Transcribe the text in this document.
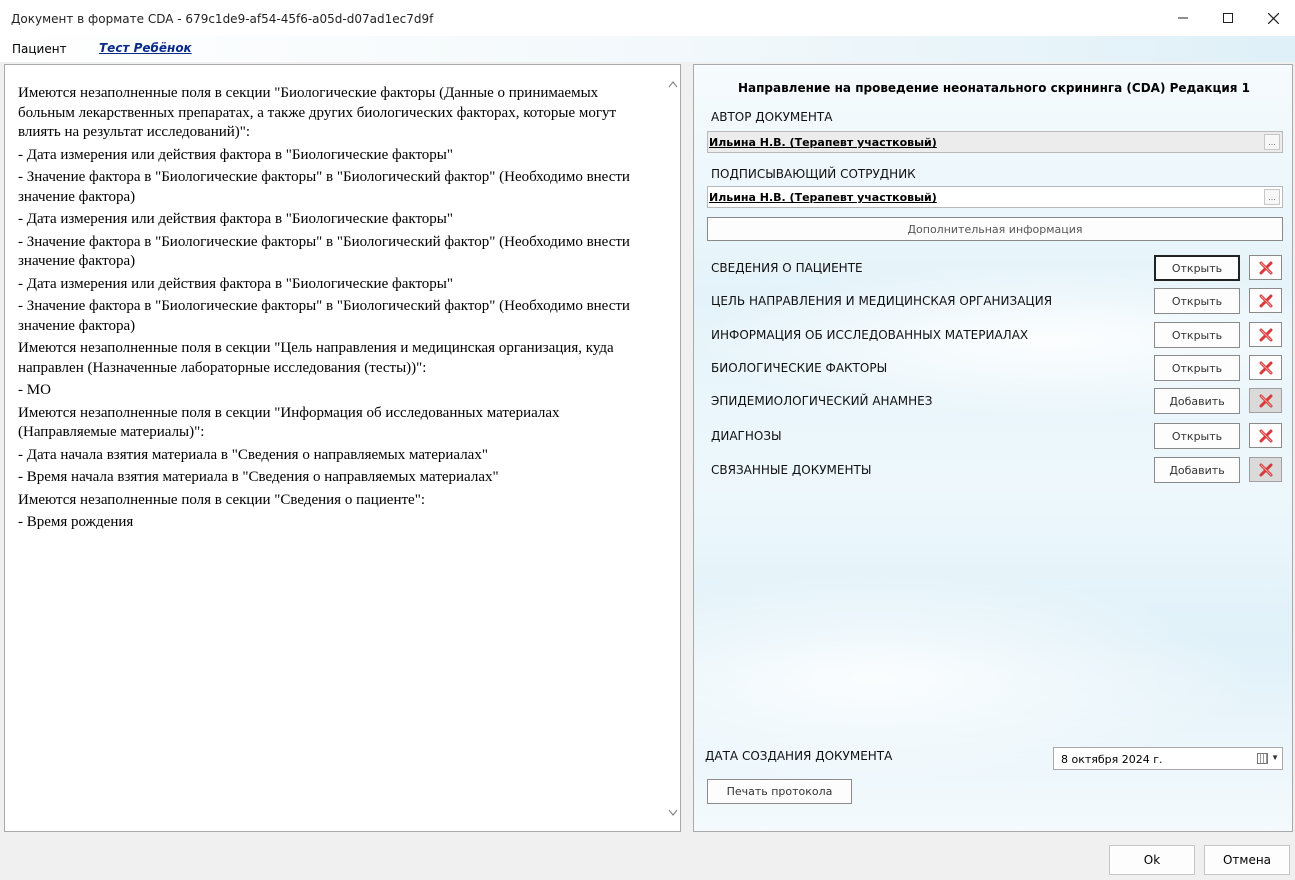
Документ в формате CDA - 679c1de9-af54-45f6-a05d-d07ad1ec7d9f
Пациент	Тест Ребёнок

Имеются незаполненные поля в секции "Биологические факторы (Данные о принимаемых больным лекарственных препаратах, а также других биологических факторах, которые могут влиять на результат исследований)":

- Дата измерения или действия фактора в "Биологические факторы"

- Значение фактора в "Биологические факторы" в "Биологический фактор" (Необходимо внести значение фактора)

- Дата измерения или действия фактора в "Биологические факторы"

- Значение фактора в "Биологические факторы" в "Биологический фактор" (Необходимо внести значение фактора)

- Дата измерения или действия фактора в "Биологические факторы"

- Значение фактора в "Биологические факторы" в "Биологический фактор" (Необходимо внести значение фактора)

Имеются незаполненные поля в секции "Цель направления и медицинская организация, куда направлен (Назначенные лабораторные исследования (тесты))":

- МО

Имеются незаполненные поля в секции "Информация об исследованных материалах (Направляемые материалы)":

- Дата начала взятия материала в "Сведения о направляемых материалах"

- Время начала взятия материала в "Сведения о направляемых материалах"

Имеются незаполненные поля в секции "Сведения о пациенте":

- Время рождения

Направление на проведение неонатального скрининга (CDA) Редакция 1
АВТОР ДОКУМЕНТА
Ильина Н.В. (Терапевт участковый)	...
ПОДПИСЫВАЮЩИЙ СОТРУДНИК
Ильина Н.В. (Терапевт участковый)	...
Дополнительная информация
СВЕДЕНИЯ О ПАЦИЕНТЕ	Открыть
ЦЕЛЬ НАПРАВЛЕНИЯ И МЕДИЦИНСКАЯ ОРГАНИЗАЦИЯ	Открыть
ИНФОРМАЦИЯ ОБ ИССЛЕДОВАННЫХ МАТЕРИАЛАХ	Открыть
БИОЛОГИЧЕСКИЕ ФАКТОРЫ	Открыть
ЭПИДЕМИОЛОГИЧЕСКИЙ АНАМНЕЗ	Добавить
ДИАГНОЗЫ	Открыть
СВЯЗАННЫЕ ДОКУМЕНТЫ	Добавить
ДАТА СОЗДАНИЯ ДОКУМЕНТА	8 октября 2024 г.	▼
Печать протокола
Ok	Отмена
